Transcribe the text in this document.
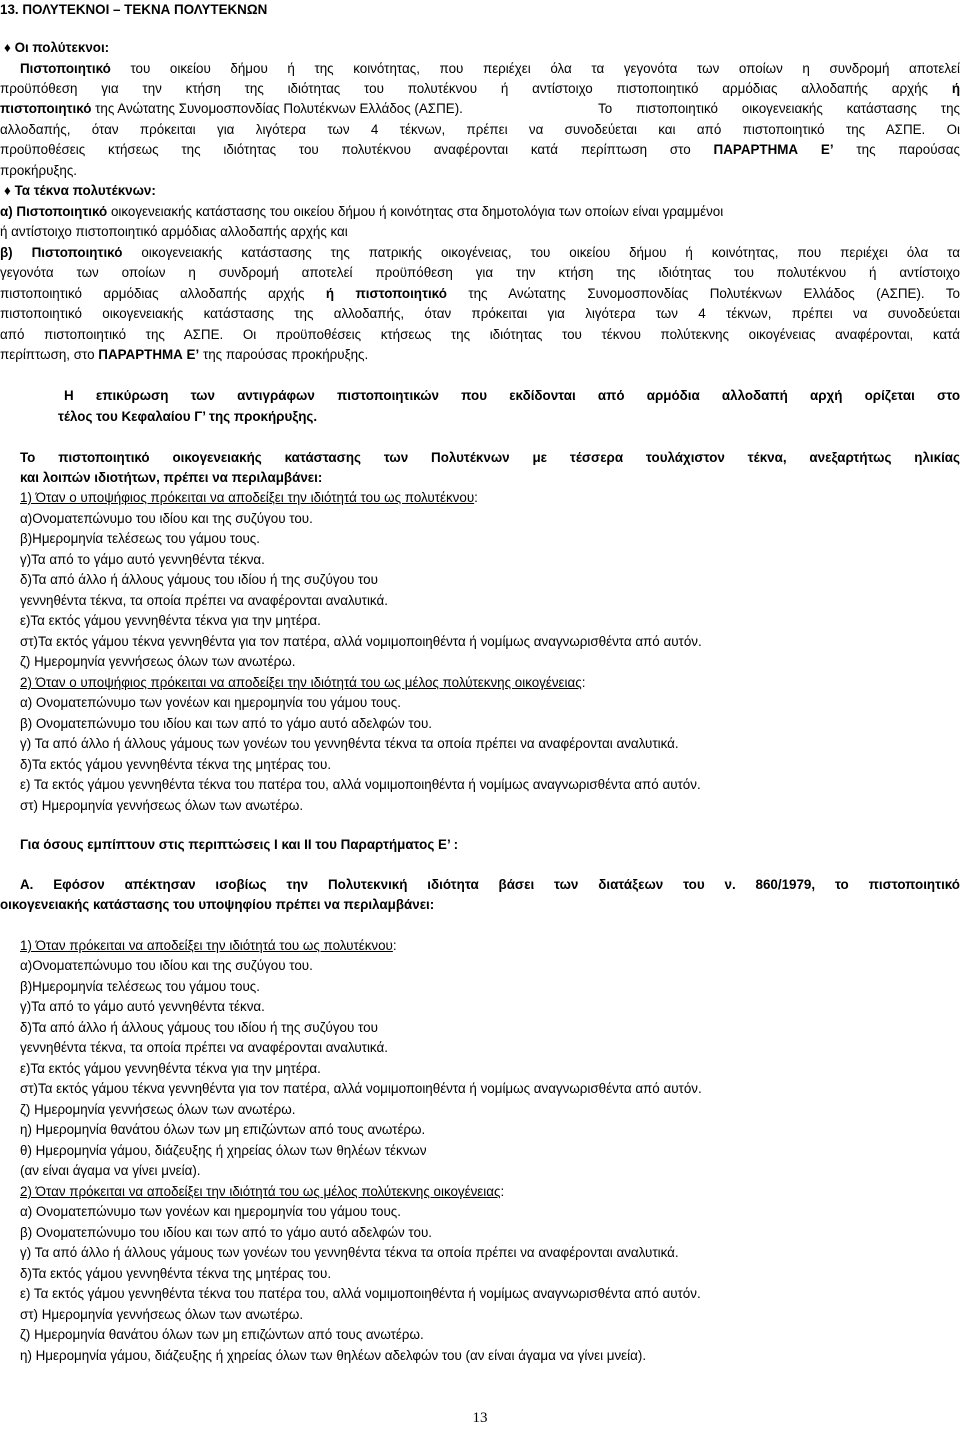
13. ΠΟΛΥΤΕΚΝΟΙ – ΤΕΚΝΑ ΠΟΛΥΤΕΚΝΩΝ
♦ Οι πολύτεκνοι:
Πιστοποιητικό του οικείου δήμου ή της κοινότητας, που περιέχει όλα τα γεγονότα των οποίων η συνδρομή αποτελεί
προϋπόθεση για την κτήση της ιδιότητας του πολυτέκνου ή αντίστοιχο πιστοποιητικό αρμόδιας αλλοδαπής αρχής ή
πιστοποιητικό της Ανώτατης Συνομοσπονδίας Πολυτέκνων Ελλάδος (ΑΣΠΕ).	Το πιστοποιητικό οικογενειακής κατάστασης της
αλλοδαπής, όταν πρόκειται για λιγότερα των 4 τέκνων, πρέπει να συνοδεύεται και από πιστοποιητικό της ΑΣΠΕ. Οι
προϋποθέσεις κτήσεως της ιδιότητας του πολυτέκνου αναφέρονται κατά περίπτωση στο ΠΑΡΑΡΤΗΜΑ Ε’ της παρούσας
προκήρυξης.
♦ Τα τέκνα πολυτέκνων:
α) Πιστοποιητικό οικογενειακής κατάστασης του οικείου δήμου ή κοινότητας στα δημοτολόγια των οποίων είναι γραμμένοι
ή αντίστοιχο πιστοποιητικό αρμόδιας αλλοδαπής αρχής και
β) Πιστοποιητικό οικογενειακής κατάστασης της πατρικής οικογένειας, του οικείου δήμου ή κοινότητας, που περιέχει όλα τα
γεγονότα των οποίων η συνδρομή αποτελεί προϋπόθεση για την κτήση της ιδιότητας του πολυτέκνου ή αντίστοιχο
πιστοποιητικό αρμόδιας αλλοδαπής αρχής ή πιστοποιητικό της Ανώτατης Συνομοσπονδίας Πολυτέκνων Ελλάδος (ΑΣΠΕ). Το
πιστοποιητικό οικογενειακής κατάστασης της αλλοδαπής, όταν πρόκειται για λιγότερα των 4 τέκνων, πρέπει να συνοδεύεται
από πιστοποιητικό της ΑΣΠΕ. Οι προϋποθέσεις κτήσεως της ιδιότητας του τέκνου πολύτεκνης οικογένειας αναφέρονται, κατά
περίπτωση, στο ΠΑΡΑΡΤΗΜΑ Ε’ της παρούσας προκήρυξης.
Η επικύρωση των αντιγράφων πιστοποιητικών που εκδίδονται από αρμόδια αλλοδαπή αρχή ορίζεται στο
τέλος του Κεφαλαίου Γ’ της προκήρυξης.
Το πιστοποιητικό οικογενειακής κατάστασης των Πολυτέκνων με τέσσερα τουλάχιστον τέκνα, ανεξαρτήτως ηλικίας
και λοιπών ιδιοτήτων, πρέπει να περιλαμβάνει:
1) Όταν ο υποψήφιος πρόκειται να αποδείξει την ιδιότητά του ως πολυτέκνου:
α)Ονοματεπώνυμο του ιδίου και της συζύγου του.
β)Ημερομηνία τελέσεως του γάμου τους.
γ)Τα από το γάμο αυτό γεννηθέντα τέκνα.
δ)Τα από άλλο ή άλλους γάμους του ιδίου ή της συζύγου του
γεννηθέντα τέκνα, τα οποία πρέπει να αναφέρονται αναλυτικά.
ε)Τα εκτός γάμου γεννηθέντα τέκνα για την μητέρα.
στ)Τα εκτός γάμου τέκνα γεννηθέντα για τον πατέρα, αλλά νομιμοποιηθέντα ή νομίμως αναγνωρισθέντα από αυτόν.
ζ) Ημερομηνία γεννήσεως όλων των ανωτέρω.
2) Όταν ο υποψήφιος πρόκειται να αποδείξει την ιδιότητά του ως μέλος πολύτεκνης οικογένειας:
α) Ονοματεπώνυμο των γονέων και ημερομηνία του γάμου τους.
β) Ονοματεπώνυμο του ιδίου και των από το γάμο αυτό αδελφών του.
γ) Τα από άλλο ή άλλους γάμους των γονέων του γεννηθέντα τέκνα τα οποία πρέπει να αναφέρονται αναλυτικά.
δ)Τα εκτός γάμου γεννηθέντα τέκνα της μητέρας του.
ε) Τα εκτός γάμου γεννηθέντα τέκνα του πατέρα του, αλλά νομιμοποιηθέντα ή νομίμως αναγνωρισθέντα από αυτόν.
στ) Ημερομηνία γεννήσεως όλων των ανωτέρω.
Για όσους εμπίπτουν στις περιπτώσεις Ι και ΙΙ του Παραρτήματος Ε’ :
Α. Εφόσον απέκτησαν ισοβίως την Πολυτεκνική ιδιότητα βάσει των διατάξεων του ν. 860/1979, το πιστοποιητικό
οικογενειακής κατάστασης του υποψηφίου πρέπει να περιλαμβάνει:
1) Όταν πρόκειται να αποδείξει την ιδιότητά του ως πολυτέκνου:
α)Ονοματεπώνυμο του ιδίου και της συζύγου του.
β)Ημερομηνία τελέσεως του γάμου τους.
γ)Τα από το γάμο αυτό γεννηθέντα τέκνα.
δ)Τα από άλλο ή άλλους γάμους του ιδίου ή της συζύγου του
γεννηθέντα τέκνα, τα οποία πρέπει να αναφέρονται αναλυτικά.
ε)Τα εκτός γάμου γεννηθέντα τέκνα για την μητέρα.
στ)Τα εκτός γάμου τέκνα γεννηθέντα για τον πατέρα, αλλά νομιμοποιηθέντα ή νομίμως αναγνωρισθέντα από αυτόν.
ζ) Ημερομηνία γεννήσεως όλων των ανωτέρω.
η) Ημερομηνία θανάτου όλων των μη επιζώντων από τους ανωτέρω.
θ) Ημερομηνία γάμου, διάζευξης ή χηρείας όλων των θηλέων τέκνων
(αν είναι άγαμα να γίνει μνεία).
2) Όταν πρόκειται να αποδείξει την ιδιότητά του ως μέλος πολύτεκνης οικογένειας:
α) Ονοματεπώνυμο των γονέων και ημερομηνία του γάμου τους.
β) Ονοματεπώνυμο του ιδίου και των από το γάμο αυτό αδελφών του.
γ) Τα από άλλο ή άλλους γάμους των γονέων του γεννηθέντα τέκνα τα οποία πρέπει να αναφέρονται αναλυτικά.
δ)Τα εκτός γάμου γεννηθέντα τέκνα της μητέρας του.
ε) Τα εκτός γάμου γεννηθέντα τέκνα του πατέρα του, αλλά νομιμοποιηθέντα ή νομίμως αναγνωρισθέντα από αυτόν.
στ) Ημερομηνία γεννήσεως όλων των ανωτέρω.
ζ) Ημερομηνία θανάτου όλων των μη επιζώντων από τους ανωτέρω.
η) Ημερομηνία γάμου, διάζευξης ή χηρείας όλων των θηλέων αδελφών του (αν είναι άγαμα να γίνει μνεία).
13
